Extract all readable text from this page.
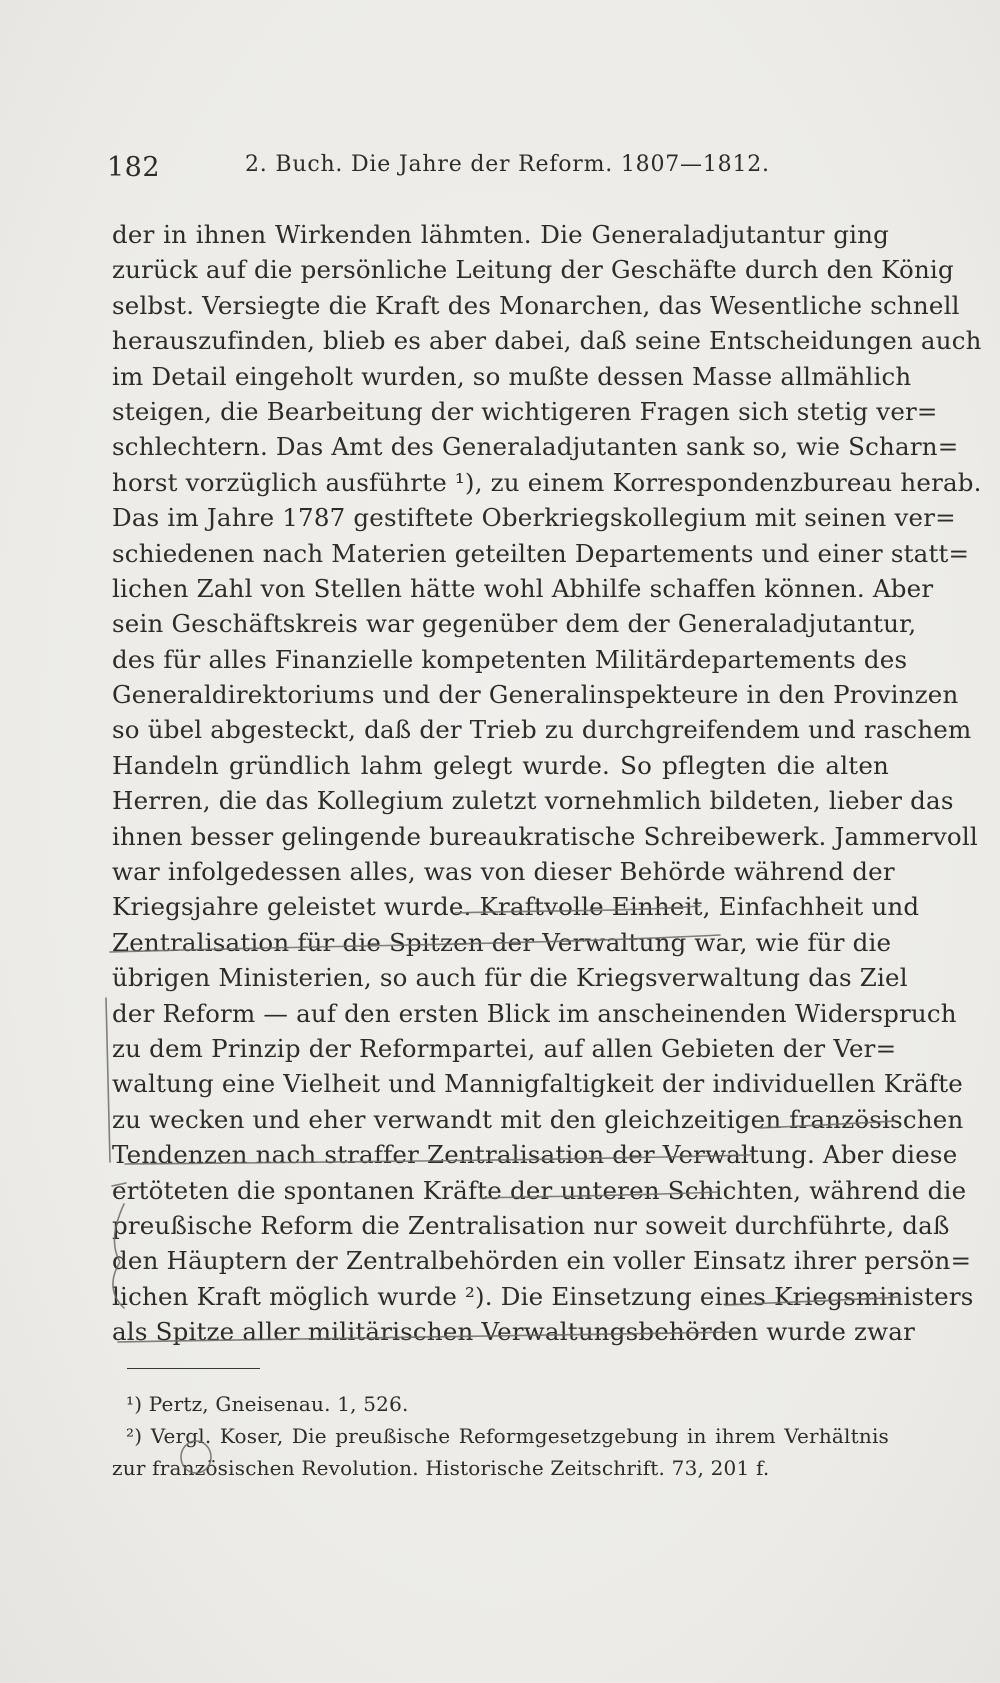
182	2. Buch. Die Jahre der Reform. 1807—1812.
der in ihnen Wirkenden lähmten. Die Generaladjutantur ging
zurück auf die persönliche Leitung der Geschäfte durch den König
selbst. Versiegte die Kraft des Monarchen, das Wesentliche schnell
herauszufinden, blieb es aber dabei, daß seine Entscheidungen auch
im Detail eingeholt wurden, so mußte dessen Masse allmählich
steigen, die Bearbeitung der wichtigeren Fragen sich stetig ver=
schlechtern. Das Amt des Generaladjutanten sank so, wie Scharn=
horst vorzüglich ausführte ¹), zu einem Korrespondenzbureau herab.
Das im Jahre 1787 gestiftete Oberkriegskollegium mit seinen ver=
schiedenen nach Materien geteilten Departements und einer statt=
lichen Zahl von Stellen hätte wohl Abhilfe schaffen können. Aber
sein Geschäftskreis war gegenüber dem der Generaladjutantur,
des für alles Finanzielle kompetenten Militärdepartements des
Generaldirektoriums und der Generalinspekteure in den Provinzen
so übel abgesteckt, daß der Trieb zu durchgreifendem und raschem
Handeln gründlich lahm gelegt wurde. So pflegten die alten
Herren, die das Kollegium zuletzt vornehmlich bildeten, lieber das
ihnen besser gelingende bureaukratische Schreibewerk. Jammervoll
war infolgedessen alles, was von dieser Behörde während der
Kriegsjahre geleistet wurde. Kraftvolle Einheit, Einfachheit und
Zentralisation für die Spitzen der Verwaltung war, wie für die
übrigen Ministerien, so auch für die Kriegsverwaltung das Ziel
der Reform — auf den ersten Blick im anscheinenden Widerspruch
zu dem Prinzip der Reformpartei, auf allen Gebieten der Ver=
waltung eine Vielheit und Mannigfaltigkeit der individuellen Kräfte
zu wecken und eher verwandt mit den gleichzeitigen französischen
Tendenzen nach straffer Zentralisation der Verwaltung. Aber diese
ertöteten die spontanen Kräfte der unteren Schichten, während die
preußische Reform die Zentralisation nur soweit durchführte, daß
den Häuptern der Zentralbehörden ein voller Einsatz ihrer persön=
lichen Kraft möglich wurde ²). Die Einsetzung eines Kriegsministers
als Spitze aller militärischen Verwaltungsbehörden wurde zwar
¹) Pertz, Gneisenau. 1, 526.
²) Vergl. Koser, Die preußische Reformgesetzgebung in ihrem Verhältnis
zur französischen Revolution. Historische Zeitschrift. 73, 201 f.
